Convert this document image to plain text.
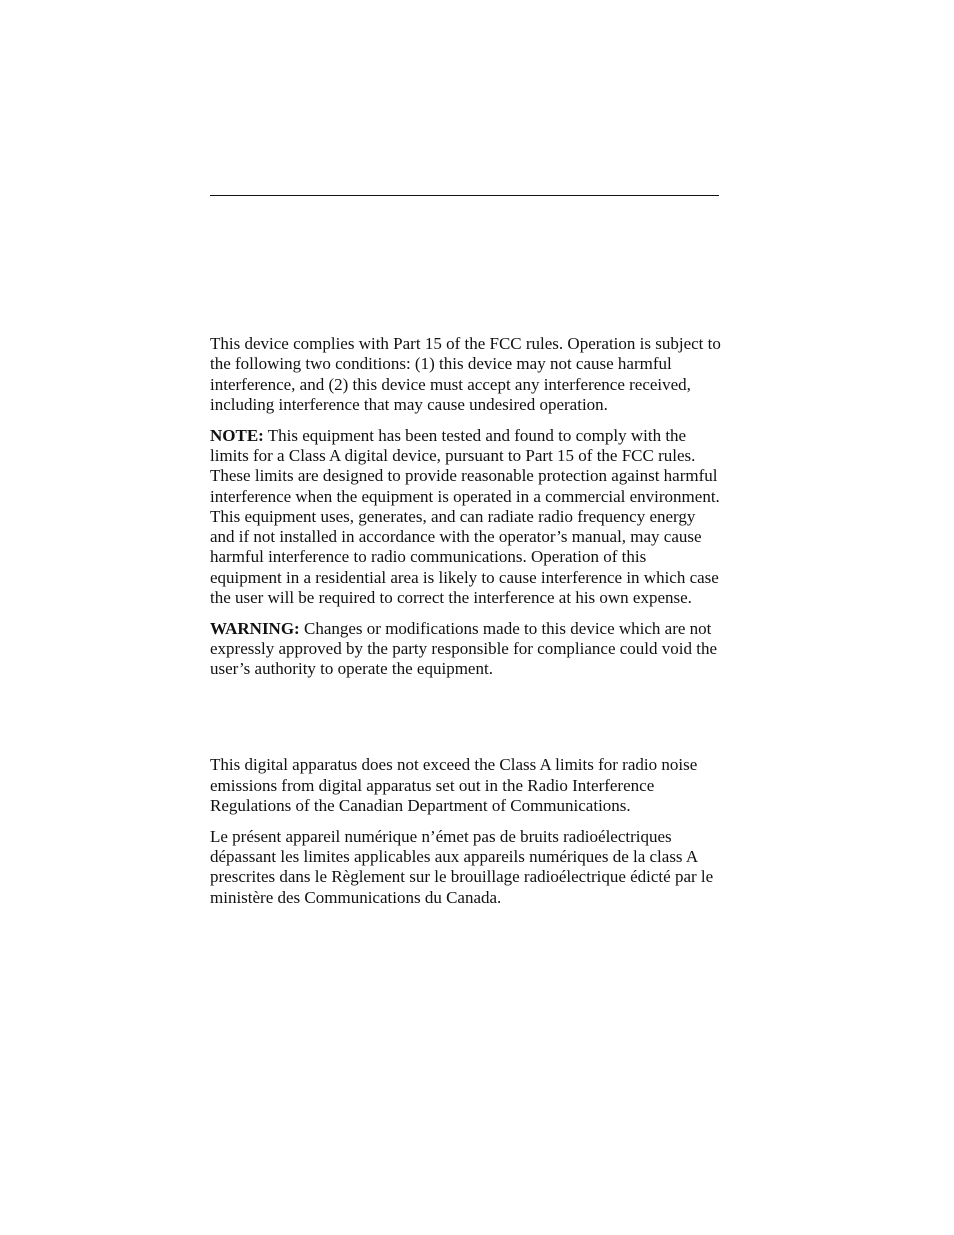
This device complies with Part 15 of the FCC rules. Operation is subject to the following two conditions: (1) this device may not cause harmful interference, and (2) this device must accept any interference received, including interference that may cause undesired operation.

NOTE: This equipment has been tested and found to comply with the limits for a Class A digital device, pursuant to Part 15 of the FCC rules. These limits are designed to provide reasonable protection against harmful interference when the equipment is operated in a commercial environment. This equipment uses, generates, and can radiate radio frequency energy and if not installed in accordance with the operator’s manual, may cause harmful interference to radio communications. Operation of this equipment in a residential area is likely to cause interference in which case the user will be required to correct the interference at his own expense.

WARNING: Changes or modifications made to this device which are not expressly approved by the party responsible for compliance could void the user’s authority to operate the equipment.

This digital apparatus does not exceed the Class A limits for radio noise emissions from digital apparatus set out in the Radio Interference Regulations of the Canadian Department of Communications.

Le présent appareil numérique n’émet pas de bruits radioélectriques dépassant les limites applicables aux appareils numériques de la class A prescrites dans le Règlement sur le brouillage radioélectrique édicté par le ministère des Communications du Canada.
